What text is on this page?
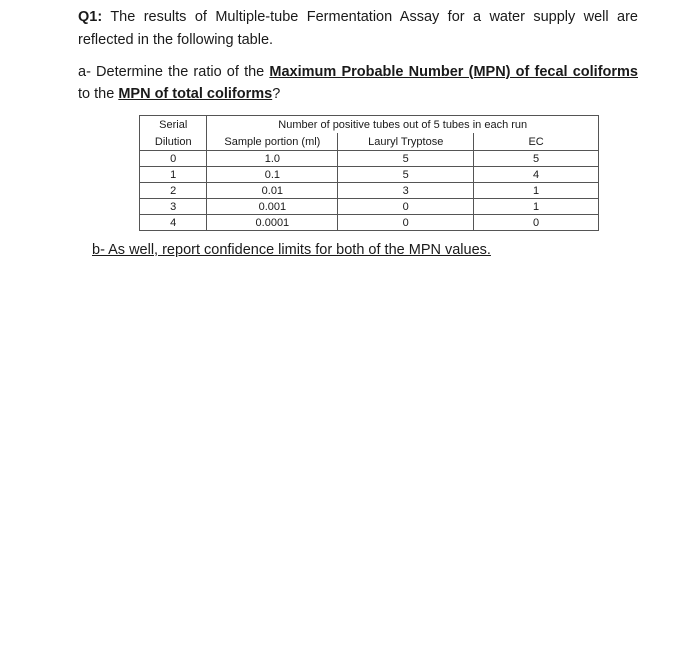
Q1: The results of Multiple-tube Fermentation Assay for a water supply well are reflected in the following table.
a- Determine the ratio of the Maximum Probable Number (MPN) of fecal coliforms to the MPN of total coliforms?
Serial	Number of positive tubes out of 5 tubes in each run		
Dilution	Sample portion (ml)	Lauryl Tryptose	EC
0	1.0	5	5
1	0.1	5	4
2	0.01	3	1
3	0.001	0	1
4	0.0001	0	0
b- As well, report confidence limits for both of the MPN values.
